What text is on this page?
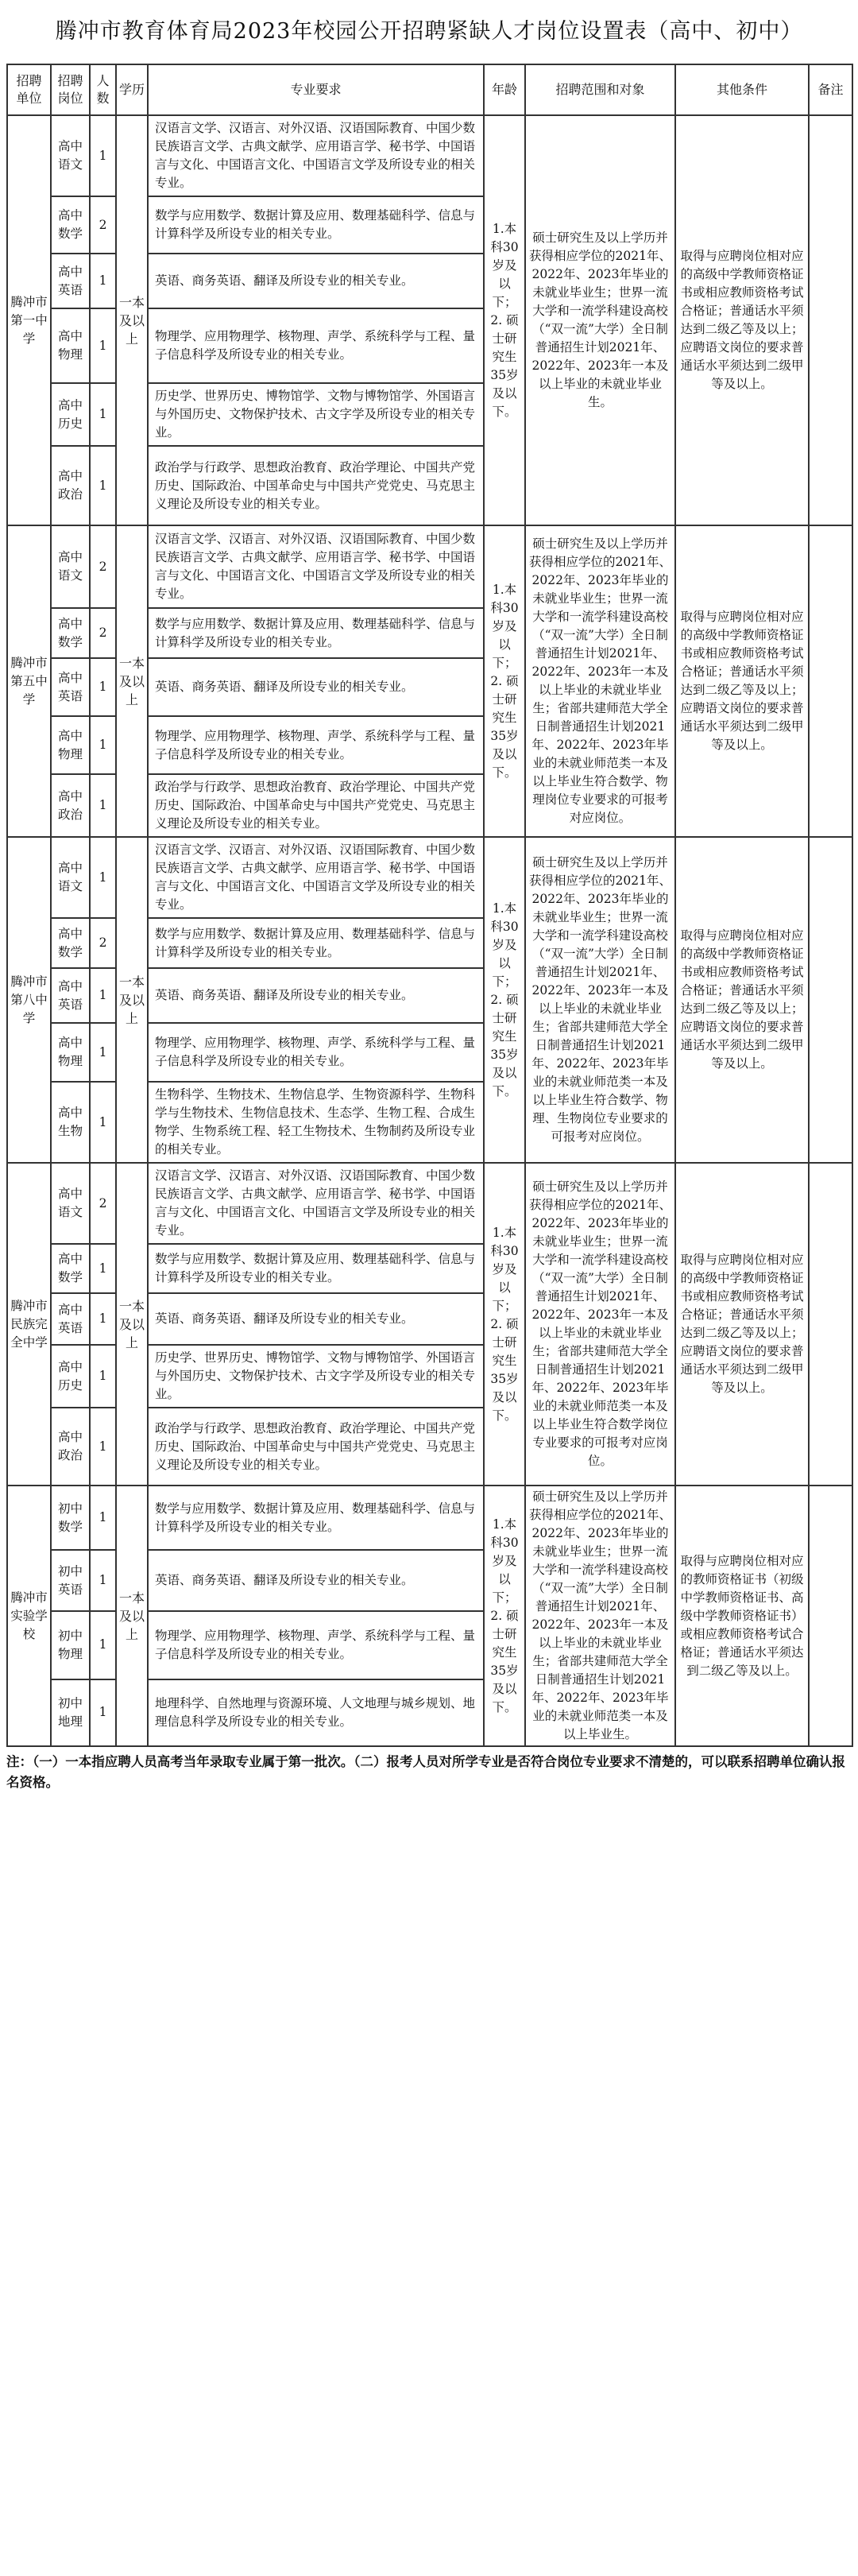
腾冲市教育体育局2023年校园公开招聘紧缺人才岗位设置表（高中、初中）
招聘单位	招聘岗位	人数	学历	专业要求	年龄	招聘范围和对象	其他条件	备注
腾冲市第一中学	高中语文	1	一本及以上	汉语言文学、汉语言、对外汉语、汉语国际教育、中国少数民族语言文学、古典文献学、应用语言学、秘书学、中国语言与文化、中国语言文化、中国语言文学及所设专业的相关专业。	1.本科30岁及以下；2. 硕士研究生35岁及以下。	硕士研究生及以上学历并获得相应学位的2021年、2022年、2023年毕业的未就业毕业生；世界一流大学和一流学科建设高校（“双一流”大学）全日制普通招生计划2021年、2022年、2023年一本及以上毕业的未就业毕业生。	取得与应聘岗位相对应的高级中学教师资格证书或相应教师资格考试合格证；普通话水平须达到二级乙等及以上；应聘语文岗位的要求普通话水平须达到二级甲等及以上。	
	高中数学	2		数学与应用数学、数据计算及应用、数理基础科学、信息与计算科学及所设专业的相关专业。				
	高中英语	1		英语、商务英语、翻译及所设专业的相关专业。				
	高中物理	1		物理学、应用物理学、核物理、声学、系统科学与工程、量子信息科学及所设专业的相关专业。				
	高中历史	1		历史学、世界历史、博物馆学、文物与博物馆学、外国语言与外国历史、文物保护技术、古文字学及所设专业的相关专业。				
	高中政治	1		政治学与行政学、思想政治教育、政治学理论、中国共产党历史、国际政治、中国革命史与中国共产党党史、马克思主义理论及所设专业的相关专业。				
腾冲市第五中学	高中语文	2	一本及以上	汉语言文学、汉语言、对外汉语、汉语国际教育、中国少数民族语言文学、古典文献学、应用语言学、秘书学、中国语言与文化、中国语言文化、中国语言文学及所设专业的相关专业。	1.本科30岁及以下；2. 硕士研究生35岁及以下。	硕士研究生及以上学历并获得相应学位的2021年、2022年、2023年毕业的未就业毕业生；世界一流大学和一流学科建设高校（“双一流”大学）全日制普通招生计划2021年、2022年、2023年一本及以上毕业的未就业毕业生；省部共建师范大学全日制普通招生计划2021年、2022年、2023年毕业的未就业师范类一本及以上毕业生符合数学、物理岗位专业要求的可报考对应岗位。	取得与应聘岗位相对应的高级中学教师资格证书或相应教师资格考试合格证；普通话水平须达到二级乙等及以上；应聘语文岗位的要求普通话水平须达到二级甲等及以上。	
	高中数学	2		数学与应用数学、数据计算及应用、数理基础科学、信息与计算科学及所设专业的相关专业。				
	高中英语	1		英语、商务英语、翻译及所设专业的相关专业。				
	高中物理	1		物理学、应用物理学、核物理、声学、系统科学与工程、量子信息科学及所设专业的相关专业。				
	高中政治	1		政治学与行政学、思想政治教育、政治学理论、中国共产党历史、国际政治、中国革命史与中国共产党党史、马克思主义理论及所设专业的相关专业。				
腾冲市第八中学	高中语文	1	一本及以上	汉语言文学、汉语言、对外汉语、汉语国际教育、中国少数民族语言文学、古典文献学、应用语言学、秘书学、中国语言与文化、中国语言文化、中国语言文学及所设专业的相关专业。	1.本科30岁及以下；2. 硕士研究生35岁及以下。	硕士研究生及以上学历并获得相应学位的2021年、2022年、2023年毕业的未就业毕业生；世界一流大学和一流学科建设高校（“双一流”大学）全日制普通招生计划2021年、2022年、2023年一本及以上毕业的未就业毕业生；省部共建师范大学全日制普通招生计划2021年、2022年、2023年毕业的未就业师范类一本及以上毕业生符合数学、物理、生物岗位专业要求的可报考对应岗位。	取得与应聘岗位相对应的高级中学教师资格证书或相应教师资格考试合格证；普通话水平须达到二级乙等及以上；应聘语文岗位的要求普通话水平须达到二级甲等及以上。	
	高中数学	2		数学与应用数学、数据计算及应用、数理基础科学、信息与计算科学及所设专业的相关专业。				
	高中英语	1		英语、商务英语、翻译及所设专业的相关专业。				
	高中物理	1		物理学、应用物理学、核物理、声学、系统科学与工程、量子信息科学及所设专业的相关专业。				
	高中生物	1		生物科学、生物技术、生物信息学、生物资源科学、生物科学与生物技术、生物信息技术、生态学、生物工程、合成生物学、生物系统工程、轻工生物技术、生物制药及所设专业的相关专业。				
腾冲市民族完全中学	高中语文	2	一本及以上	汉语言文学、汉语言、对外汉语、汉语国际教育、中国少数民族语言文学、古典文献学、应用语言学、秘书学、中国语言与文化、中国语言文化、中国语言文学及所设专业的相关专业。	1.本科30岁及以下；2. 硕士研究生35岁及以下。	硕士研究生及以上学历并获得相应学位的2021年、2022年、2023年毕业的未就业毕业生；世界一流大学和一流学科建设高校（“双一流”大学）全日制普通招生计划2021年、2022年、2023年一本及以上毕业的未就业毕业生；省部共建师范大学全日制普通招生计划2021年、2022年、2023年毕业的未就业师范类一本及以上毕业生符合数学岗位专业要求的可报考对应岗位。	取得与应聘岗位相对应的高级中学教师资格证书或相应教师资格考试合格证；普通话水平须达到二级乙等及以上；应聘语文岗位的要求普通话水平须达到二级甲等及以上。	
	高中数学	1		数学与应用数学、数据计算及应用、数理基础科学、信息与计算科学及所设专业的相关专业。				
	高中英语	1		英语、商务英语、翻译及所设专业的相关专业。				
	高中历史	1		历史学、世界历史、博物馆学、文物与博物馆学、外国语言与外国历史、文物保护技术、古文字学及所设专业的相关专业。				
	高中政治	1		政治学与行政学、思想政治教育、政治学理论、中国共产党历史、国际政治、中国革命史与中国共产党党史、马克思主义理论及所设专业的相关专业。				
腾冲市实验学校	初中数学	1	一本及以上	数学与应用数学、数据计算及应用、数理基础科学、信息与计算科学及所设专业的相关专业。	1.本科30岁及以下；2. 硕士研究生35岁及以下。	硕士研究生及以上学历并获得相应学位的2021年、2022年、2023年毕业的未就业毕业生；世界一流大学和一流学科建设高校（“双一流”大学）全日制普通招生计划2021年、2022年、2023年一本及以上毕业的未就业毕业生；省部共建师范大学全日制普通招生计划2021年、2022年、2023年毕业的未就业师范类一本及以上毕业生。	取得与应聘岗位相对应的教师资格证书（初级中学教师资格证书、高级中学教师资格证书）或相应教师资格考试合格证；普通话水平须达到二级乙等及以上。	
	初中英语	1		英语、商务英语、翻译及所设专业的相关专业。				
	初中物理	1		物理学、应用物理学、核物理、声学、系统科学与工程、量子信息科学及所设专业的相关专业。				
	初中地理	1		地理科学、自然地理与资源环境、人文地理与城乡规划、地理信息科学及所设专业的相关专业。				
注：（一）一本指应聘人员高考当年录取专业属于第一批次。（二）报考人员对所学专业是否符合岗位专业要求不清楚的，可以联系招聘单位确认报名资格。
